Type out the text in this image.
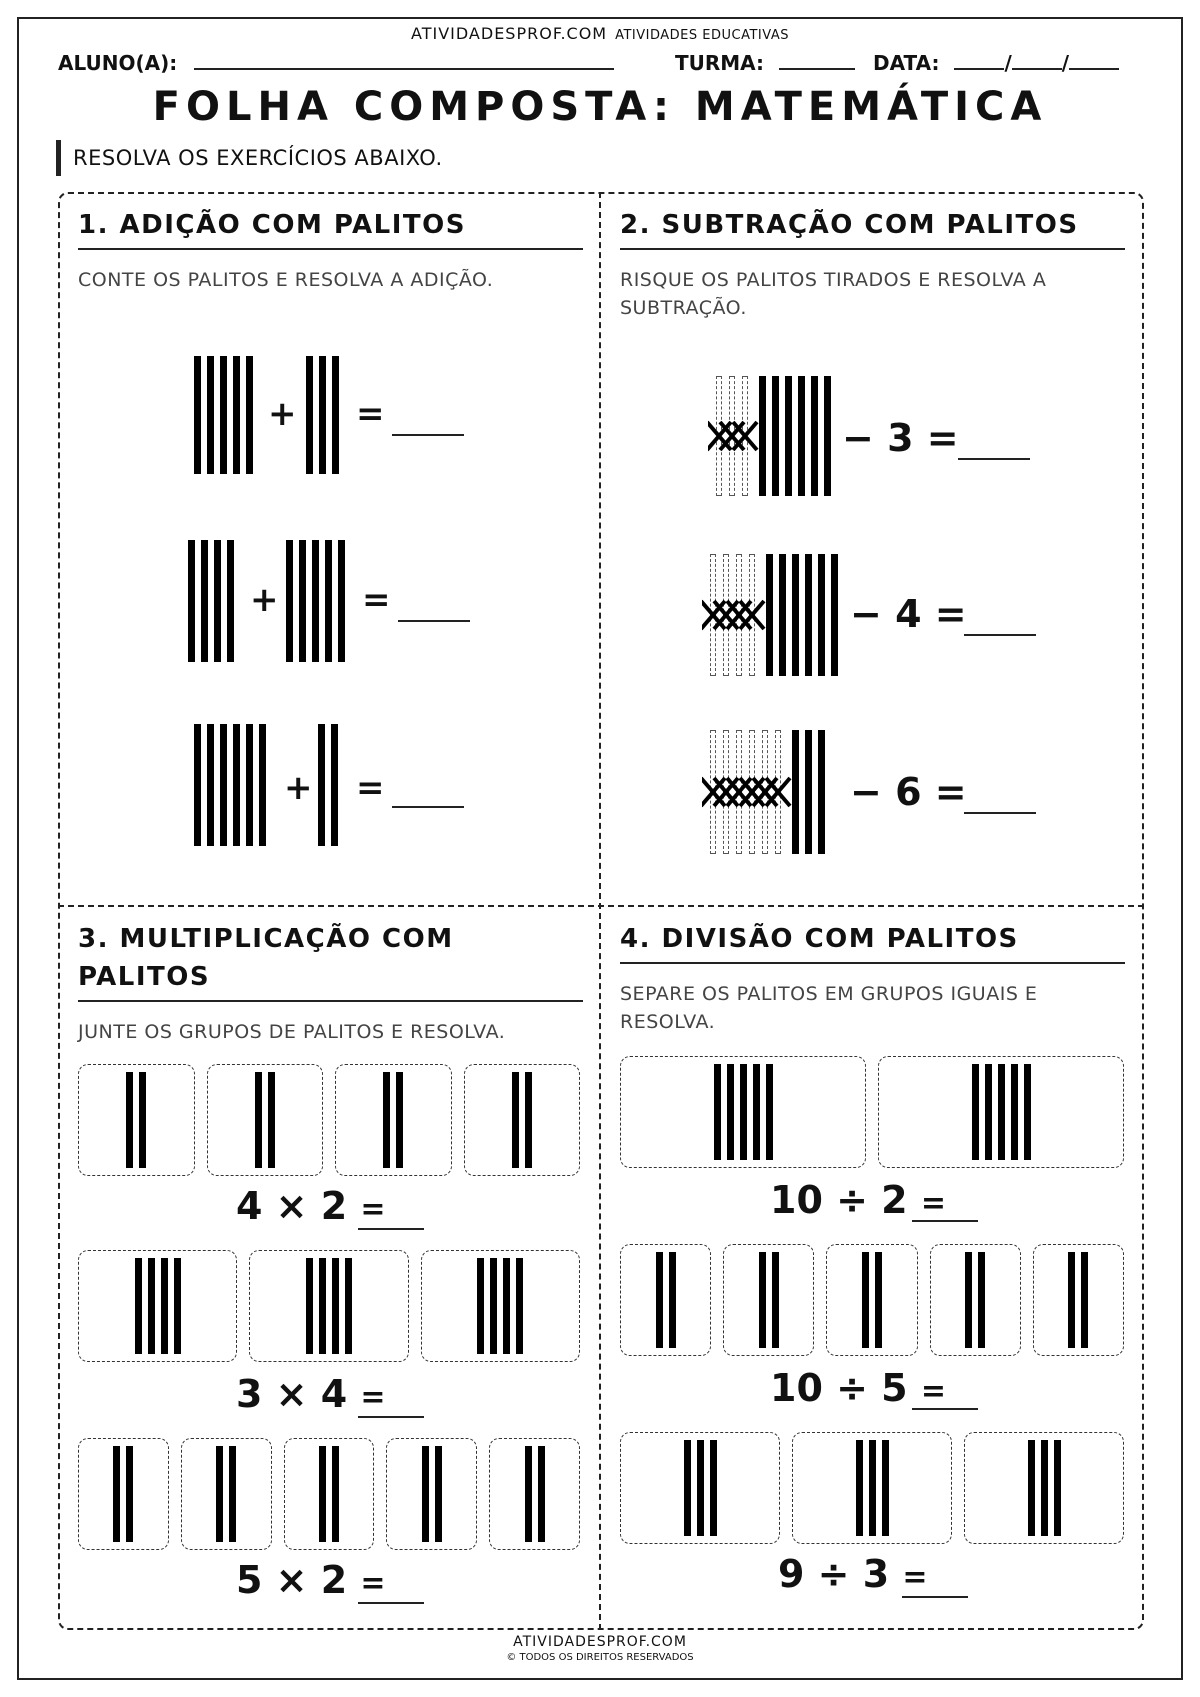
ATIVIDADESPROF.COM ATIVIDADES EDUCATIVAS
ALUNO(A):	TURMA:	DATA:	/	/
FOLHA COMPOSTA: MATEMÁTICA
RESOLVA OS EXERCÍCIOS ABAIXO.
1. ADIÇÃO COM PALITOS
CONTE OS PALITOS E RESOLVA A ADIÇÃO.
2. SUBTRAÇÃO COM PALITOS
RISQUE OS PALITOS TIRADOS E RESOLVA A SUBTRAÇÃO.
3. MULTIPLICAÇÃO COM PALITOS
JUNTE OS GRUPOS DE PALITOS E RESOLVA.
4. DIVISÃO COM PALITOS
SEPARE OS PALITOS EM GRUPOS IGUAIS E RESOLVA.
+ =
+ =
+ =
− 3 =
− 4 =
− 6 =
4 × 2 =
3 × 4 =
5 × 2 =
10 ÷ 2 =
10 ÷ 5 =
9 ÷ 3 =
ATIVIDADESPROF.COM
© TODOS OS DIREITOS RESERVADOS
